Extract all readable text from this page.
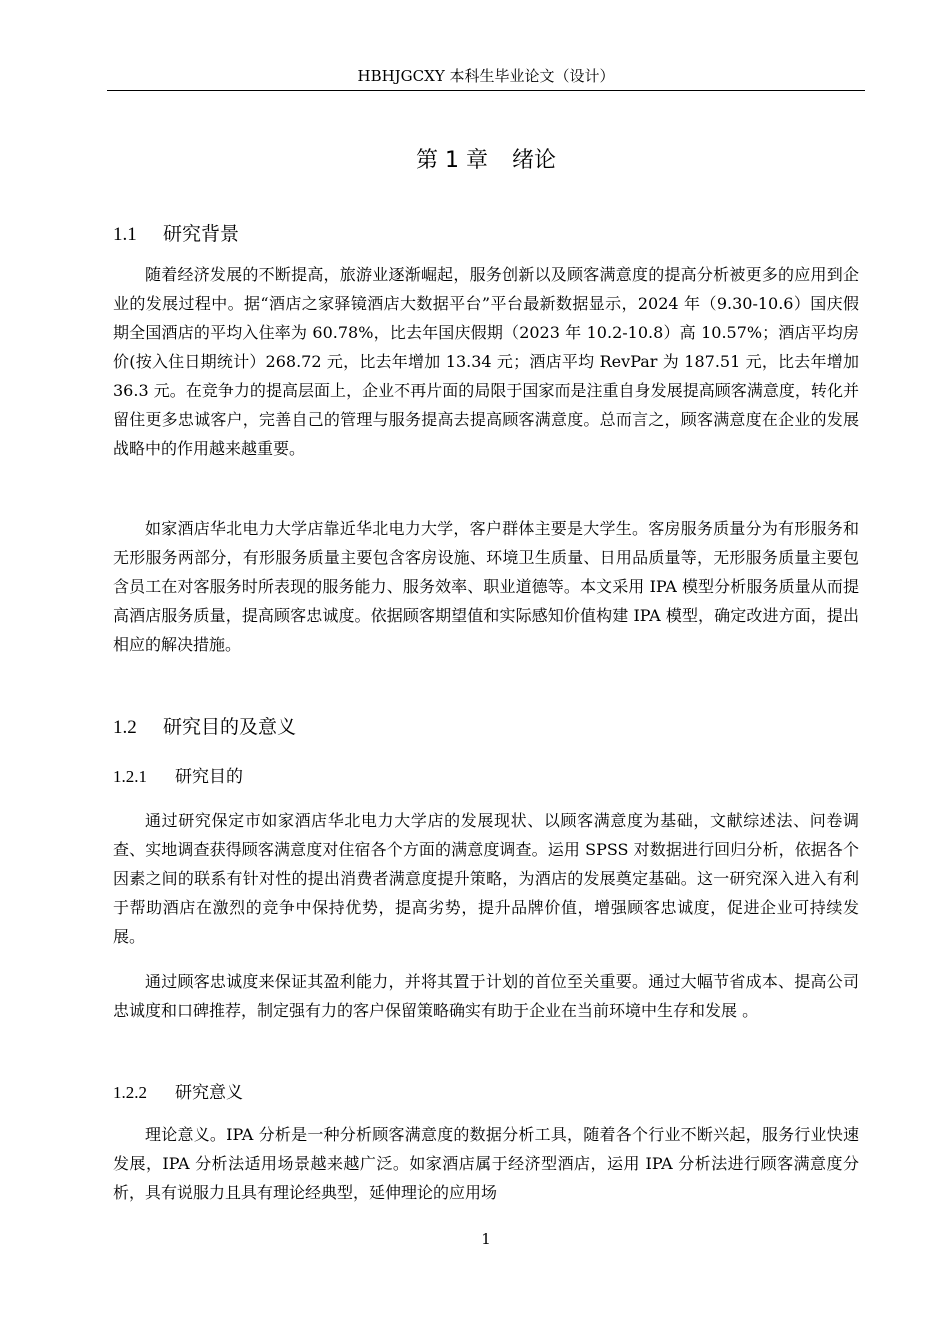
HBHJGCXY 本科生毕业论文（设计）
第 1 章 绪论
1.1 研究背景

随着经济发展的不断提高，旅游业逐渐崛起，服务创新以及顾客满意度的提高分析被更多的应用到企业的发展过程中。据“酒店之家驿镜酒店大数据平台”平台最新数据显示，2024 年（9.30-10.6）国庆假期全国酒店的平均入住率为 60.78%，比去年国庆假期（2023 年 10.2-10.8）高 10.57%；酒店平均房价(按入住日期统计）268.72 元，比去年增加 13.34 元；酒店平均 RevPar 为 187.51 元，比去年增加 36.3 元。在竞争力的提高层面上，企业不再片面的局限于国家而是注重自身发展提高顾客满意度，转化并留住更多忠诚客户，完善自己的管理与服务提高去提高顾客满意度。总而言之，顾客满意度在企业的发展战略中的作用越来越重要。

如家酒店华北电力大学店靠近华北电力大学，客户群体主要是大学生。客房服务质量分为有形服务和无形服务两部分，有形服务质量主要包含客房设施、环境卫生质量、日用品质量等，无形服务质量主要包含员工在对客服务时所表现的服务能力、服务效率、职业道德等。本文采用 IPA 模型分析服务质量从而提高酒店服务质量，提高顾客忠诚度。依据顾客期望值和实际感知价值构建 IPA 模型，确定改进方面，提出相应的解决措施。

1.2 研究目的及意义
1.2.1 研究目的

通过研究保定市如家酒店华北电力大学店的发展现状、以顾客满意度为基础，文献综述法、问卷调查、实地调查获得顾客满意度对住宿各个方面的满意度调查。运用 SPSS 对数据进行回归分析，依据各个因素之间的联系有针对性的提出消费者满意度提升策略，为酒店的发展奠定基础。这一研究深入进入有利于帮助酒店在激烈的竞争中保持优势，提高劣势，提升品牌价值，增强顾客忠诚度，促进企业可持续发展。

通过顾客忠诚度来保证其盈利能力，并将其置于计划的首位至关重要。通过大幅节省成本、提高公司忠诚度和口碑推荐，制定强有力的客户保留策略确实有助于企业在当前环境中生存和发展 。

1.2.2 研究意义

理论意义。IPA 分析是一种分析顾客满意度的数据分析工具，随着各个行业不断兴起，服务行业快速发展，IPA 分析法适用场景越来越广泛。如家酒店属于经济型酒店，运用 IPA 分析法进行顾客满意度分析，具有说服力且具有理论经典型，延伸理论的应用场

1
